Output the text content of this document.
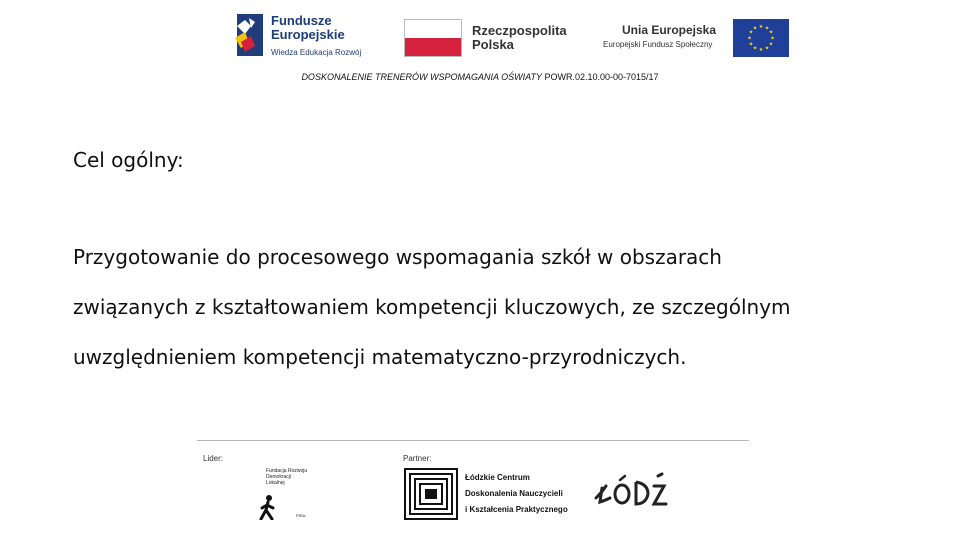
Fundusze
Europejskie
Wiedza Edukacja Rozwój
Rzeczpospolita
Polska
Unia Europejska
Europejski Fundusz Społeczny
★ ★
★
★
★
★
★
★
★
★
★
★
DOSKONALENIE TRENERÓW WSPOMAGANIA OŚWIATY POWR.02.10.00-00-7015/17
Cel ogólny:
Przygotowanie do procesowego wspomagania szkół w obszarach
związanych z kształtowaniem kompetencji kluczowych, ze szczególnym
uwzględnieniem kompetencji matematyczno-przyrodniczych.
Lider:	Partner:
Fundacja Rozwoju
Demokracji
Lokalnej
FRDL
Łódzkie Centrum
Doskonalenia Nauczycieli
i Kształcenia Praktycznego
